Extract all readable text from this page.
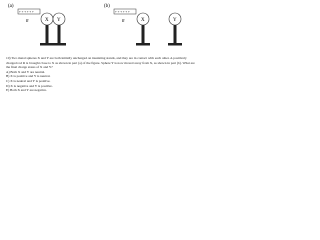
(a)
+ + + + + +
R	X Y
(b)
+ + + + + +
R	X	Y
10) Two metal spheres X and Y are both initially uncharged on insulating stands, and they are in contact with each other. A positively charged rod R is brought close to X as shown in part (a) of the figure. Sphere Y is now moved away from X, as shown in part (b). What are the final charge states of X and Y?
A) Both X and Y are neutral.
B) X is positive and Y is neutral.
C) X is neutral and Y is positive.
D) X is negative and Y is positive.
E) Both X and Y are negative.
